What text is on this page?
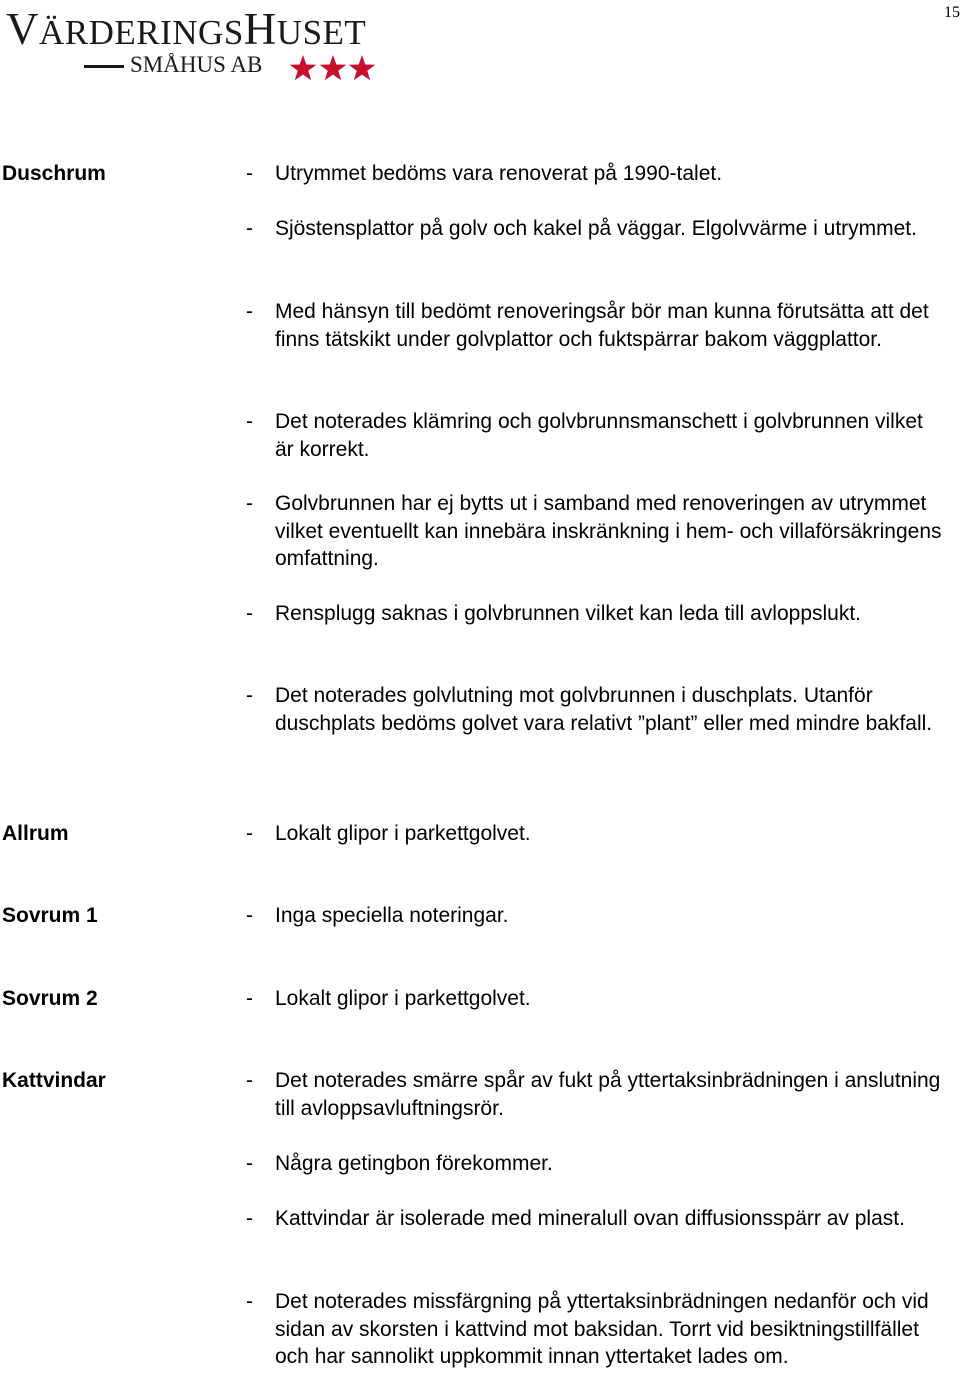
15
VÄRDERINGSHUSET
SMÅHUS AB
Duschrum	- Utrymmet bedöms vara renoverat på 1990-talet.
- Sjöstensplattor på golv och kakel på väggar. Elgolvvärme i utrymmet.
- Med hänsyn till bedömt renoveringsår bör man kunna förutsätta att det finns tätskikt under golvplattor och fuktspärrar bakom väggplattor.
- Det noterades klämring och golvbrunnsmanschett i golvbrunnen vilket är korrekt.
- Golvbrunnen har ej bytts ut i samband med renoveringen av utrymmet vilket eventuellt kan innebära inskränkning i hem- och villaförsäkringens omfattning.
- Rensplugg saknas i golvbrunnen vilket kan leda till avloppslukt.
- Det noterades golvlutning mot golvbrunnen i duschplats. Utanför duschplats bedöms golvet vara relativt ”plant” eller med mindre bakfall.
Allrum	- Lokalt glipor i parkettgolvet.
Sovrum 1	- Inga speciella noteringar.
Sovrum 2	- Lokalt glipor i parkettgolvet.
Kattvindar	- Det noterades smärre spår av fukt på yttertaksinbrädningen i anslutning till avloppsavluftningsrör.
- Några getingbon förekommer.
- Kattvindar är isolerade med mineralull ovan diffusionsspärr av plast.
- Det noterades missfärgning på yttertaksinbrädningen nedanför och vid sidan av skorsten i kattvind mot baksidan. Torrt vid besiktningstillfället och har sannolikt uppkommit innan yttertaket lades om.
